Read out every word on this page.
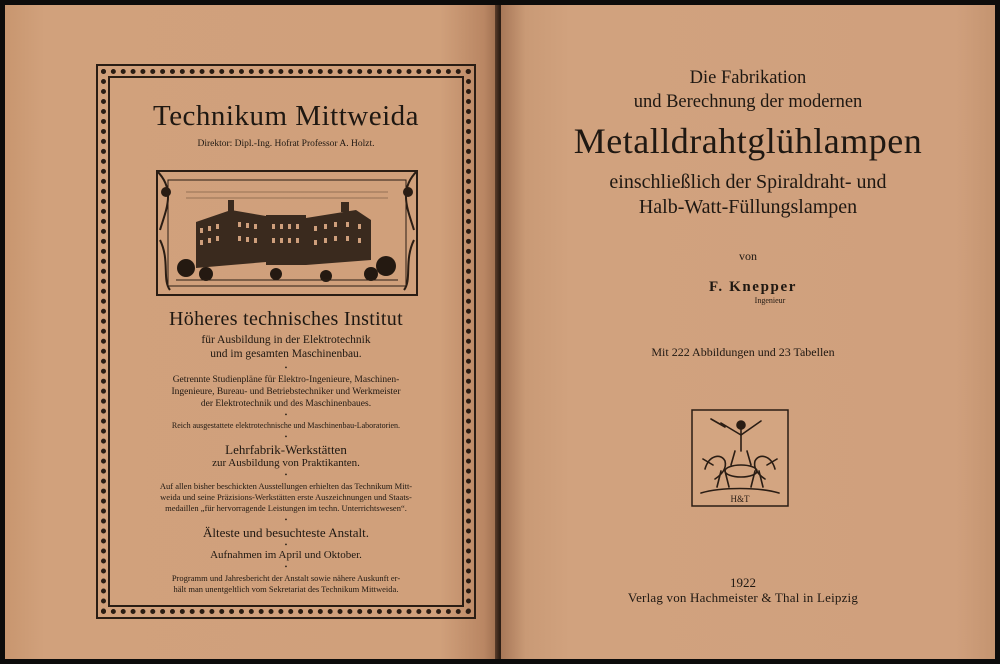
Technikum Mittweida
Direktor: Dipl.-Ing. Hofrat Professor A. Holzt.
Höheres technisches Institut
für Ausbildung in der Elektrotechnik
und im gesamten Maschinenbau.
•
Getrennte Studienpläne für Elektro-Ingenieure, Maschinen-
Ingenieure, Bureau- und Betriebstechniker und Werkmeister
der Elektrotechnik und des Maschinenbaues.
•
Reich ausgestattete elektrotechnische und Maschinenbau-Laboratorien.
•
Lehrfabrik-Werkstätten
zur Ausbildung von Praktikanten.
•
Auf allen bisher beschickten Ausstellungen erhielten das Technikum Mitt-
weida und seine Präzisions-Werkstätten erste Auszeichnungen und Staats-
medaillen „für hervorragende Leistungen im techn. Unterrichtswesen“.
•
Älteste und besuchteste Anstalt.
•
Aufnahmen im April und Oktober.
•
Programm und Jahresbericht der Anstalt sowie nähere Auskunft er-
hält man unentgeltlich vom Sekretariat des Technikum Mittweida.
Die Fabrikation
und Berechnung der modernen
Metalldrahtglühlampen
einschließlich der Spiraldraht- und
Halb-Watt-Füllungslampen
von
F. Knepper
Ingenieur
Mit 222 Abbildungen und 23 Tabellen
H&T
1922
Verlag von Hachmeister & Thal in Leipzig
